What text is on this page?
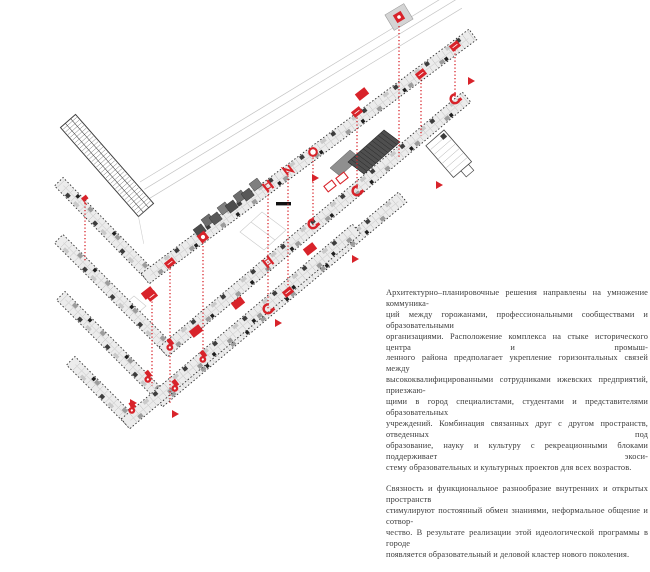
Архитектурно–планировочные решения направлены на умножение коммуника-
ций между горожанами, профессиональными сообществами и образовательными
организациями. Расположение комплекса на стыке исторического центра и промыш-
ленного района предполагает укрепление горизонтальных связей между
высококвалифицированными сотрудниками ижевских предприятий, приезжаю-
щими в город специалистами, студентами и представителями образовательных
учреждений. Комбинация связанных друг с другом пространств, отведенных под
образование, науку и культуру с рекреационными блоками поддерживает экоси-
стему образовательных и культурных проектов для всех возрастов.
Связность и функциональное разнообразие внутренних и открытых пространств
стимулируют постоянный обмен знаниями, неформальное общение и сотвор-
чество. В результате реализации этой идеологической программы в городе
появляется образовательный и деловой кластер нового поколения.
